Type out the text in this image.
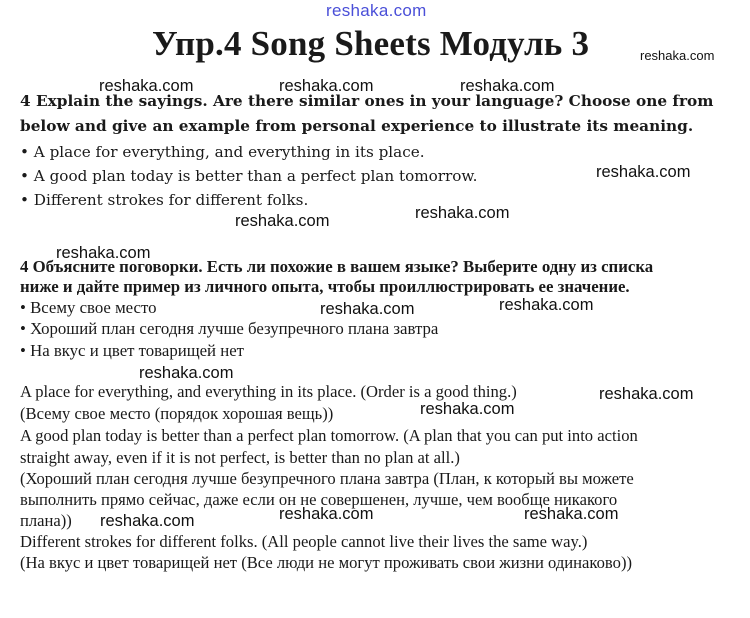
reshaka.com
Упр.4 Song Sheets Модуль 3	reshaka.com
reshaka.com	reshaka.com	reshaka.com
4 Explain the sayings. Are there similar ones in your language? Choose one from
below and give an example from personal experience to illustrate its meaning.
• A place for everything, and everything in its place.
• A good plan today is better than a perfect plan tomorrow.	reshaka.com
• Different strokes for different folks.
reshaka.com
reshaka.com
reshaka.com
4 Объясните поговорки. Есть ли похожие в вашем языке? Выберите одну из списка
ниже и дайте пример из личного опыта, чтобы проиллюстрировать ее значение.
reshaka.com
• Всему свое место	reshaka.com
• Хороший план сегодня лучше безупречного плана завтра
• На вкус и цвет товарищей нет
reshaka.com
A place for everything, and everything in its place. (Order is a good thing.)	reshaka.com
reshaka.com
(Всему свое место (порядок хорошая вещь))
A good plan today is better than a perfect plan tomorrow. (A plan that you can put into action
straight away, even if it is not perfect, is better than no plan at all.)
(Хороший план сегодня лучше безупречного плана завтра (План, к который вы можете
выполнить прямо сейчас, даже если он не совершенен, лучше, чем вообще никакого
reshaka.com	reshaka.com
плана)) reshaka.com
Different strokes for different folks. (All people cannot live their lives the same way.)
(На вкус и цвет товарищей нет (Все люди не могут проживать свои жизни одинаково))
